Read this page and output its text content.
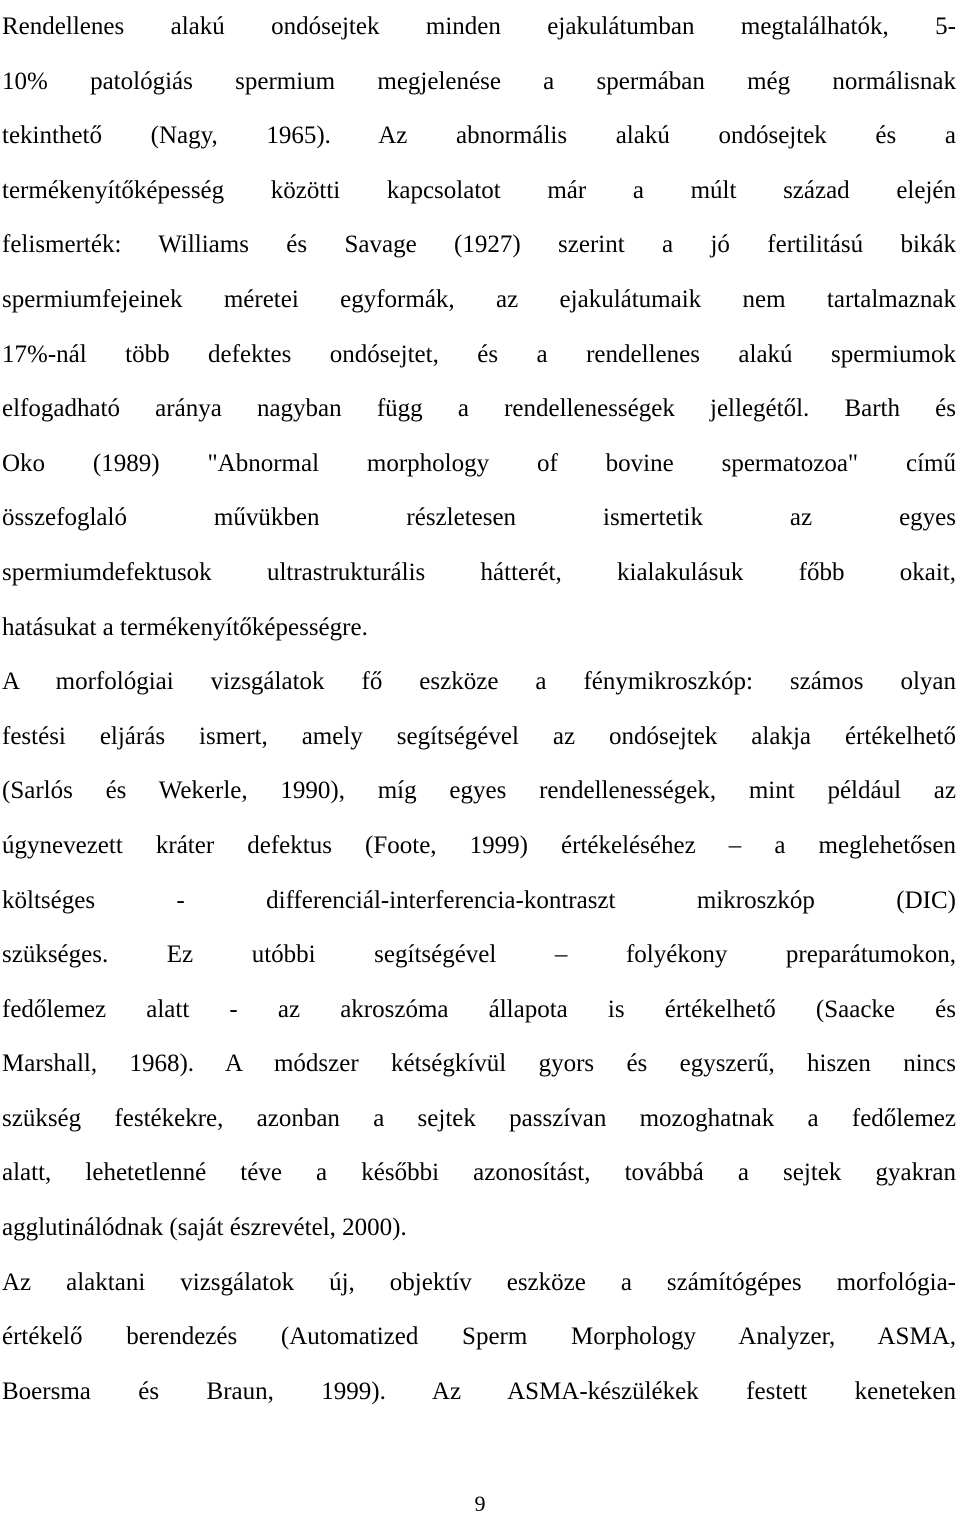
Rendellenes alakú ondósejtek minden ejakulátumban megtalálhatók, 5-
10% patológiás spermium megjelenése a spermában még normálisnak
tekinthető (Nagy, 1965). Az abnormális alakú ondósejtek és a
termékenyítőképesség közötti kapcsolatot már a múlt század elején
felismerték: Williams és Savage (1927) szerint a jó fertilitású bikák
spermiumfejeinek méretei egyformák, az ejakulátumaik nem tartalmaznak
17%-nál több defektes ondósejtet, és a rendellenes alakú spermiumok
elfogadható aránya nagyban függ a rendellenességek jellegétől. Barth és
Oko (1989) "Abnormal morphology of bovine spermatozoa" című
összefoglaló művükben részletesen ismertetik az egyes
spermiumdefektusok ultrastrukturális hátterét, kialakulásuk főbb okait,
hatásukat a termékenyítőképességre.
A morfológiai vizsgálatok fő eszköze a fénymikroszkóp: számos olyan
festési eljárás ismert, amely segítségével az ondósejtek alakja értékelhető
(Sarlós és Wekerle, 1990), míg egyes rendellenességek, mint például az
úgynevezett kráter defektus (Foote, 1999) értékeléséhez – a meglehetősen
költséges - differenciál-interferencia-kontraszt mikroszkóp (DIC)
szükséges. Ez utóbbi segítségével – folyékony preparátumokon,
fedőlemez alatt - az akroszóma állapota is értékelhető (Saacke és
Marshall, 1968). A módszer kétségkívül gyors és egyszerű, hiszen nincs
szükség festékekre, azonban a sejtek passzívan mozoghatnak a fedőlemez
alatt, lehetetlenné téve a későbbi azonosítást, továbbá a sejtek gyakran
agglutinálódnak (saját észrevétel, 2000).
Az alaktani vizsgálatok új, objektív eszköze a számítógépes morfológia-
értékelő berendezés (Automatized Sperm Morphology Analyzer, ASMA,
Boersma és Braun, 1999). Az ASMA-készülékek festett keneteken
9
